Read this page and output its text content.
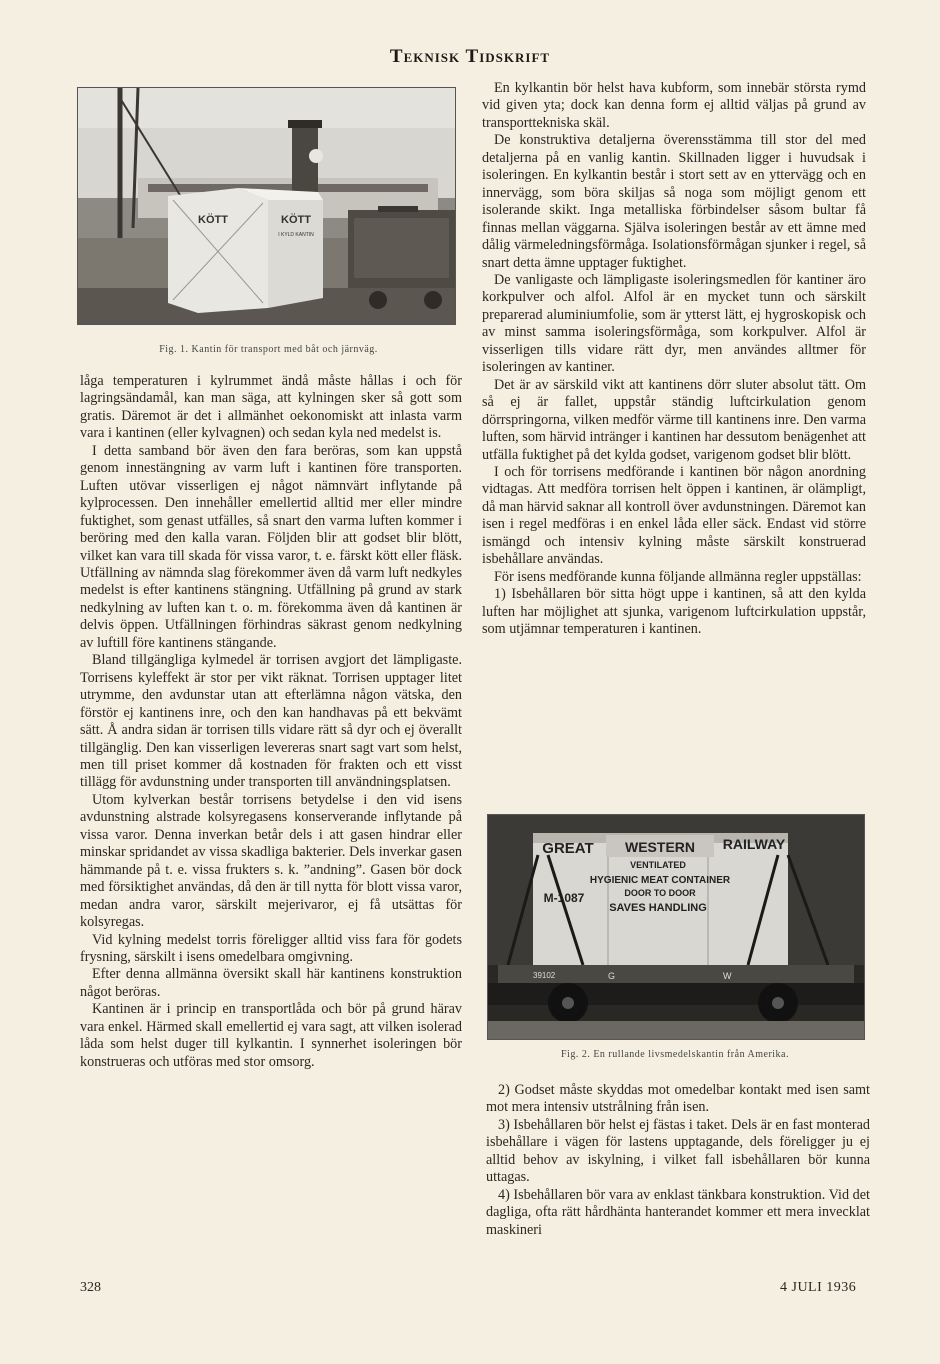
Teknisk Tidskrift
KÖTT	KÖTT
I KYLD KANTIN
Fig. 1. Kantin för transport med båt och järnväg.

låga temperaturen i kylrummet ändå måste hållas i och för lagringsändamål, kan man säga, att kylningen sker så gott som gratis. Däremot är det i allmänhet oekonomiskt att inlasta varm vara i kantinen (eller kylvagnen) och sedan kyla ned medelst is.

I detta samband bör även den fara beröras, som kan uppstå genom innestängning av varm luft i kantinen före transporten. Luften utövar visserligen ej något nämnvärt inflytande på kylprocessen. Den innehåller emellertid alltid mer eller mindre fuktighet, som genast utfälles, så snart den varma luften kommer i beröring med den kalla varan. Följden blir att godset blir blött, vilket kan vara till skada för vissa varor, t. e. färskt kött eller fläsk. Utfällning av nämnda slag förekommer även då varm luft nedkyles medelst is efter kantinens stängning. Utfällning på grund av stark nedkylning av luften kan t. o. m. förekomma även då kantinen är delvis öppen. Utfällningen förhindras säkrast genom nedkylning av luftill före kantinens stängande.

Bland tillgängliga kylmedel är torrisen avgjort det lämpligaste. Torrisens kyleffekt är stor per vikt räknat. Torrisen upptager litet utrymme, den avdunstar utan att efterlämna någon vätska, den förstör ej kantinens inre, och den kan handhavas på ett bekvämt sätt. Å andra sidan är torrisen tills vidare rätt så dyr och ej överallt tillgänglig. Den kan visserligen levereras snart sagt vart som helst, men till priset kommer då kostnaden för frakten och ett visst tillägg för avdunstning under transporten till användningsplatsen.

Utom kylverkan består torrisens betydelse i den vid isens avdunstning alstrade kolsyregasens konserverande inflytande på vissa varor. Denna inverkan betår dels i att gasen hindrar eller minskar spridandet av vissa skadliga bakterier. Dels inverkar gasen hämmande på t. e. vissa frukters s. k. ”andning”. Gasen bör dock med försiktighet användas, då den är till nytta för blott vissa varor, medan andra varor, särskilt mejerivaror, ej få utsättas för kolsyregas.

Vid kylning medelst torris föreligger alltid viss fara för godets frysning, särskilt i isens omedelbara omgivning.

Efter denna allmänna översikt skall här kantinens konstruktion något beröras.

Kantinen är i princip en transportlåda och bör på grund härav vara enkel. Härmed skall emellertid ej vara sagt, att vilken isolerad låda som helst duger till kylkantin. I synnerhet isoleringen bör konstrueras och utföras med stor omsorg.

En kylkantin bör helst hava kubform, som innebär största rymd vid given yta; dock kan denna form ej alltid väljas på grund av transporttekniska skäl.

De konstruktiva detaljerna överensstämma till stor del med detaljerna på en vanlig kantin. Skillnaden ligger i huvudsak i isoleringen. En kylkantin består i stort sett av en yttervägg och en innervägg, som böra skiljas så noga som möjligt genom ett isolerande skikt. Inga metalliska förbindelser såsom bultar få finnas mellan väggarna. Själva isoleringen består av ett ämne med dålig värmeledningsförmåga. Isolationsförmågan sjunker i regel, så snart detta ämne upptager fuktighet.

De vanligaste och lämpligaste isoleringsmedlen för kantiner äro korkpulver och alfol. Alfol är en mycket tunn och särskilt preparerad aluminiumfolie, som är ytterst lätt, ej hygroskopisk och av minst samma isoleringsförmåga, som korkpulver. Alfol är visserligen tills vidare rätt dyr, men användes alltmer för isoleringen av kantiner.

Det är av särskild vikt att kantinens dörr sluter absolut tätt. Om så ej är fallet, uppstår ständig luftcirkulation genom dörrspringorna, vilken medför värme till kantinens inre. Den varma luften, som härvid intränger i kantinen har dessutom benägenhet att utfälla fuktighet på det kylda godset, varigenom godset blir blött.

I och för torrisens medförande i kantinen bör någon anordning vidtagas. Att medföra torrisen helt öppen i kantinen, är olämpligt, då man härvid saknar all kontroll över avdunstningen. Däremot kan isen i regel medföras i en enkel låda eller säck. Endast vid större ismängd och intensiv kylning måste särskilt konstruerad isbehållare användas.

För isens medförande kunna följande allmänna regler uppställas:

1) Isbehållaren bör sitta högt uppe i kantinen, så att den kylda luften har möjlighet att sjunka, varigenom luftcirkulation uppstår, som utjämnar temperaturen i kantinen.

GREAT WESTERN RAILWAY
VENTILATED
HYGIENIC MEAT CONTAINER
DOOR TO DOOR
M-1087
SAVES HANDLING
39102	G	W
Fig. 2. En rullande livsmedelskantin från Amerika.

2) Godset måste skyddas mot omedelbar kontakt med isen samt mot mera intensiv utstrålning från isen.

3) Isbehållaren bör helst ej fästas i taket. Dels är en fast monterad isbehållare i vägen för lastens upptagande, dels föreligger ju ej alltid behov av iskylning, i vilket fall isbehållaren bör kunna uttagas.

4) Isbehållaren bör vara av enklast tänkbara konstruktion. Vid det dagliga, ofta rätt hårdhänta hanterandet kommer ett mera invecklat maskineri

328	4 JULI 1936
